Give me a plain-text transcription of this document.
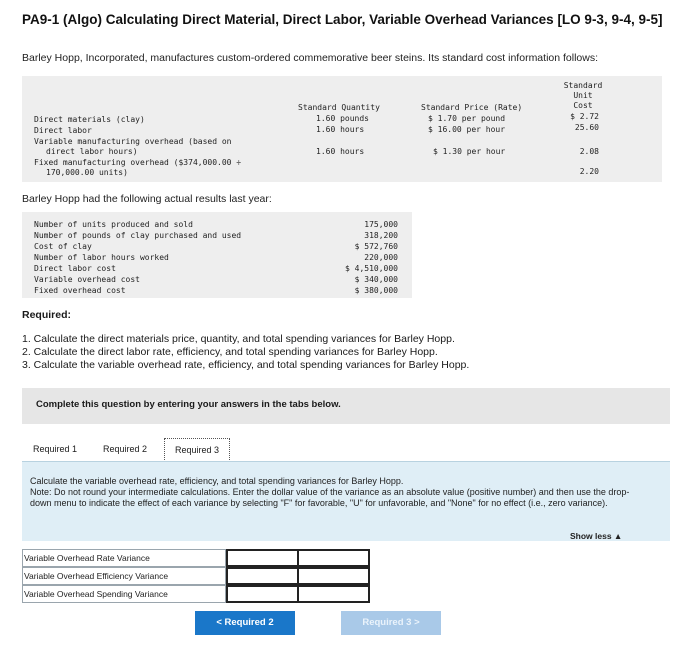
PA9-1 (Algo) Calculating Direct Material, Direct Labor, Variable Overhead Variances [LO 9-3, 9-4, 9-5]
Barley Hopp, Incorporated, manufactures custom-ordered commemorative beer steins. Its standard cost information follows:
Standard Quantity	Standard Price (Rate)
Standard
Unit
Cost
Direct materials (clay)	1.60 pounds	$ 1.70 per pound	$ 2.72
Direct labor	1.60 hours	$ 16.00 per hour	25.60
Variable manufacturing overhead (based on
direct labor hours)	1.60 hours	$ 1.30 per hour	2.08
Fixed manufacturing overhead ($374,000.00 ÷
170,000.00 units)	2.20
Barley Hopp had the following actual results last year:
Number of units produced and sold	175,000
Number of pounds of clay purchased and used	318,200
Cost of clay	$ 572,760
Number of labor hours worked	220,000
Direct labor cost	$ 4,510,000
Variable overhead cost	$ 340,000
Fixed overhead cost	$ 380,000
Required:
1. Calculate the direct materials price, quantity, and total spending variances for Barley Hopp.
2. Calculate the direct labor rate, efficiency, and total spending variances for Barley Hopp.
3. Calculate the variable overhead rate, efficiency, and total spending variances for Barley Hopp.
Complete this question by entering your answers in the tabs below.
Required 1	Required 2	Required 3
Calculate the variable overhead rate, efficiency, and total spending variances for Barley Hopp.
Note: Do not round your intermediate calculations. Enter the dollar value of the variance as an absolute value (positive number) and then use the drop-down menu to indicate the effect of each variance by selecting "F" for favorable, "U" for unfavorable, and "None" for no effect (i.e., zero variance).
Show less ▲
Variable Overhead Rate Variance
Variable Overhead Efficiency Variance
Variable Overhead Spending Variance
< Required 2	Required 3 >
